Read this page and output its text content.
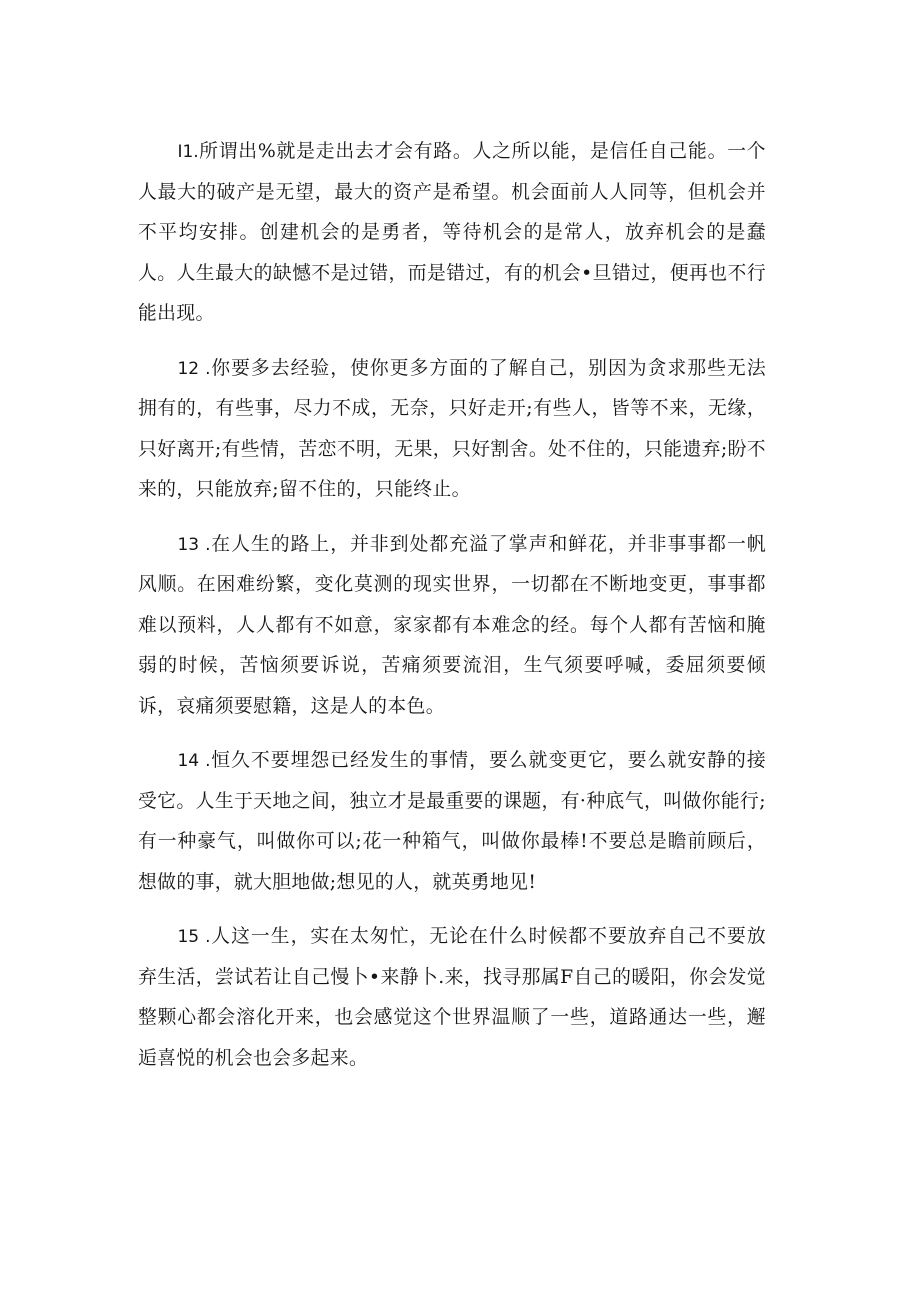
I1.所谓出%就是走出去才会有路。人之所以能，是信任自己能。一个人最大的破产是无望，最大的资产是希望。机会面前人人同等，但机会并不平均安排。创建机会的是勇者，等待机会的是常人，放弃机会的是蠢人。人生最大的缺憾不是过错，而是错过，有的机会•旦错过，便再也不行能出现。

12 .你要多去经验，使你更多方面的了解自己，别因为贪求那些无法拥有的，有些事，尽力不成，无奈，只好走开;有些人，皆等不来，无缘，只好离开;有些情，苦恋不明，无果，只好割舍。处不住的，只能遗弃;盼不来的，只能放弃;留不住的，只能终止。

13 .在人生的路上，并非到处都充溢了掌声和鲜花，并非事事都一帆风顺。在困难纷繁，变化莫测的现实世界，一切都在不断地变更，事事都难以预料，人人都有不如意，家家都有本难念的经。每个人都有苦恼和腌弱的时候，苦恼须要诉说，苦痛须要流泪，生气须要呼喊，委屈须要倾诉，哀痛须要慰籍，这是人的本色。

14 .恒久不要埋怨已经发生的事情，要么就变更它，要么就安静的接受它。人生于天地之间，独立才是最重要的课题，有·种底气，叫做你能行;有一种豪气，叫做你可以;花一种箱气，叫做你最棒!不要总是瞻前顾后，想做的事，就大胆地做;想见的人，就英勇地见!

15 .人这一生，实在太匆忙，无论在什么时候都不要放弃自己不要放弃生活，尝试若让自己慢卜•来静卜.来，找寻那属F自己的暖阳，你会发觉整颗心都会溶化开来，也会感觉这个世界温顺了一些，道路通达一些，邂逅喜悦的机会也会多起来。
